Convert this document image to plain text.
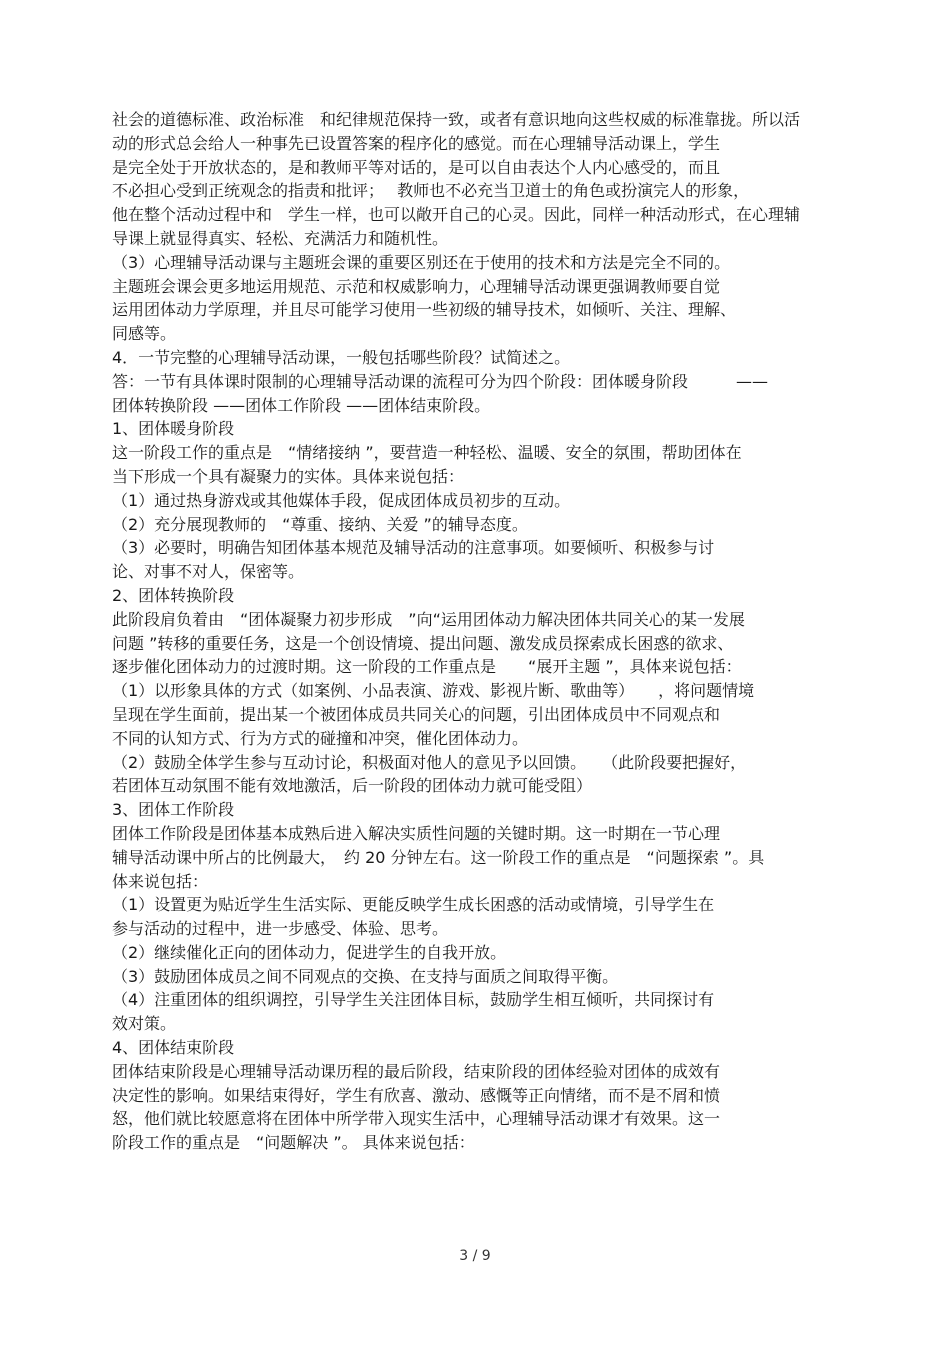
社会的道德标准、政治标准　和纪律规范保持一致，或者有意识地向这些权威的标准靠拢。所以活
动的形式总会给人一种事先已设置答案的程序化的感觉。而在心理辅导活动课上，学生
是完全处于开放状态的，是和教师平等对话的，是可以自由表达个人内心感受的，而且
不必担心受到正统观念的指责和批评；　 教师也不必充当卫道士的角色或扮演完人的形象，
他在整个活动过程中和　学生一样，也可以敞开自己的心灵。因此，同样一种活动形式，在心理辅
导课上就显得真实、轻松、充满活力和随机性。
（3）心理辅导活动课与主题班会课的重要区别还在于使用的技术和方法是完全不同的。
主题班会课会更多地运用规范、示范和权威影响力，心理辅导活动课更强调教师要自觉
运用团体动力学原理，并且尽可能学习使用一些初级的辅导技术，如倾听、关注、理解、
同感等。
4．一节完整的心理辅导活动课，一般包括哪些阶段？试简述之。
答：一节有具体课时限制的心理辅导活动课的流程可分为四个阶段：团体暖身阶段　　　——
团体转换阶段 ——团体工作阶段 ——团体结束阶段。
1、团体暖身阶段
这一阶段工作的重点是　“情绪接纳 ”，要营造一种轻松、温暖、安全的氛围，帮助团体在
当下形成一个具有凝聚力的实体。具体来说包括：
（1）通过热身游戏或其他媒体手段，促成团体成员初步的互动。
（2）充分展现教师的　“尊重、接纳、关爱 ”的辅导态度。
（3）必要时，明确告知团体基本规范及辅导活动的注意事项。如要倾听、积极参与讨
论、对事不对人，保密等。
2、团体转换阶段
此阶段肩负着由　“团体凝聚力初步形成　”向“运用团体动力解决团体共同关心的某一发展
问题 ”转移的重要任务，这是一个创设情境、提出问题、激发成员探索成长困惑的欲求、
逐步催化团体动力的过渡时期。这一阶段的工作重点是　　“展开主题 ”，具体来说包括：
（1）以形象具体的方式（如案例、小品表演、游戏、影视片断、歌曲等）　　，将问题情境
呈现在学生面前，提出某一个被团体成员共同关心的问题，引出团体成员中不同观点和
不同的认知方式、行为方式的碰撞和冲突，催化团体动力。
（2）鼓励全体学生参与互动讨论，积极面对他人的意见予以回馈。　　（此阶段要把握好，
若团体互动氛围不能有效地激活，后一阶段的团体动力就可能受阻）
3、团体工作阶段
团体工作阶段是团体基本成熟后进入解决实质性问题的关键时期。这一时期在一节心理
辅导活动课中所占的比例最大，　约 20 分钟左右。这一阶段工作的重点是　“问题探索 ”。具
体来说包括：
（1）设置更为贴近学生生活实际、更能反映学生成长困惑的活动或情境，引导学生在
参与活动的过程中，进一步感受、体验、思考。
（2）继续催化正向的团体动力，促进学生的自我开放。
（3）鼓励团体成员之间不同观点的交换、在支持与面质之间取得平衡。
（4）注重团体的组织调控，引导学生关注团体目标，鼓励学生相互倾听，共同探讨有
效对策。
4、团体结束阶段
团体结束阶段是心理辅导活动课历程的最后阶段，结束阶段的团体经验对团体的成效有
决定性的影响。如果结束得好，学生有欣喜、激动、感慨等正向情绪，而不是不屑和愤
怒，他们就比较愿意将在团体中所学带入现实生活中，心理辅导活动课才有效果。这一
阶段工作的重点是　“问题解决 ”。 具体来说包括：
3 / 9
